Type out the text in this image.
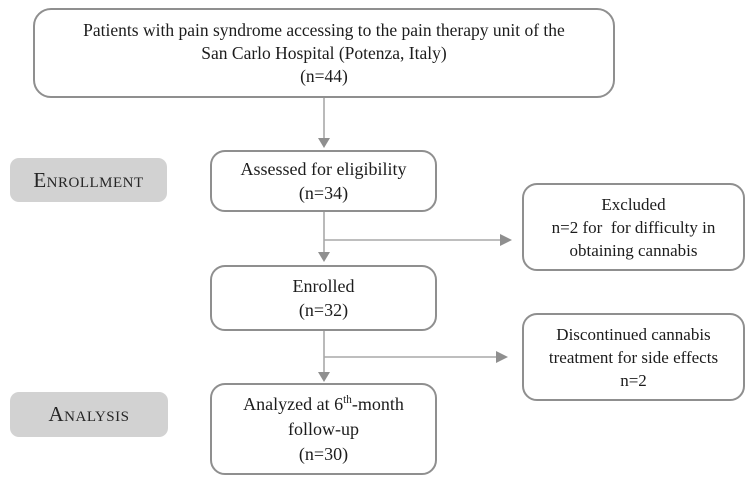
Patients with pain syndrome accessing to the pain therapy unit of the
San Carlo Hospital (Potenza, Italy)
(n=44)
Enrollment	Assessed for eligibility
(n=34)
Excluded
n=2 for  for difficulty in
obtaining cannabis
Enrolled
(n=32)
Discontinued cannabis
treatment for side effects
n=2
Analysis	Analyzed at 6th-month
follow-up
(n=30)
